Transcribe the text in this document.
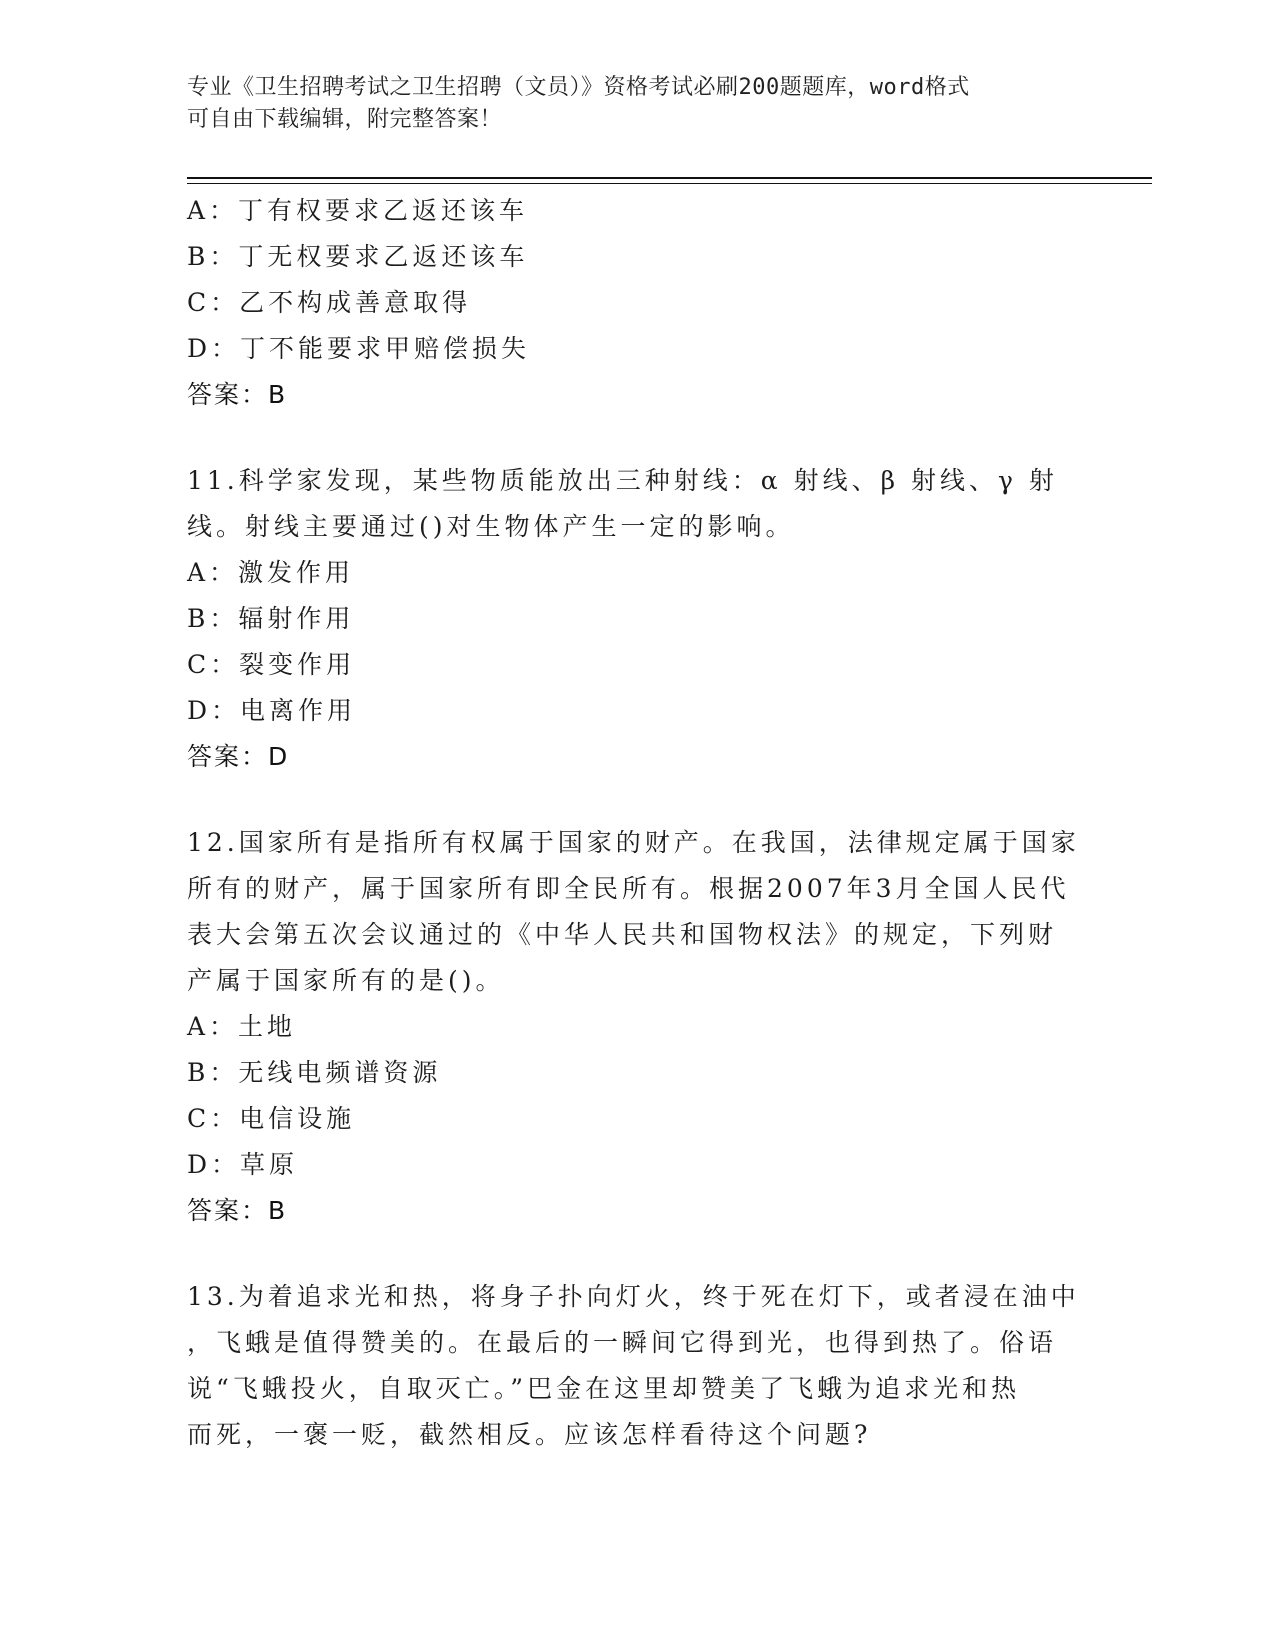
专业《卫生招聘考试之卫生招聘（文员）》资格考试必刷200题题库，word格式
可自由下载编辑，附完整答案！
A：丁有权要求乙返还该车
B：丁无权要求乙返还该车
C：乙不构成善意取得
D：丁不能要求甲赔偿损失
答案：B
11.科学家发现，某些物质能放出三种射线：α 射线、β 射线、γ 射
线。射线主要通过()对生物体产生一定的影响。
A：激发作用
B：辐射作用
C：裂变作用
D：电离作用
答案：D
12.国家所有是指所有权属于国家的财产。在我国，法律规定属于国家
所有的财产，属于国家所有即全民所有。根据2007年3月全国人民代
表大会第五次会议通过的《中华人民共和国物权法》的规定，下列财
产属于国家所有的是()。
A：土地
B：无线电频谱资源
C：电信设施
D：草原
答案：B
13.为着追求光和热，将身子扑向灯火，终于死在灯下，或者浸在油中
，飞蛾是值得赞美的。在最后的一瞬间它得到光，也得到热了。俗语
说“飞蛾投火，自取灭亡。”巴金在这里却赞美了飞蛾为追求光和热
而死，一褒一贬，截然相反。应该怎样看待这个问题?
